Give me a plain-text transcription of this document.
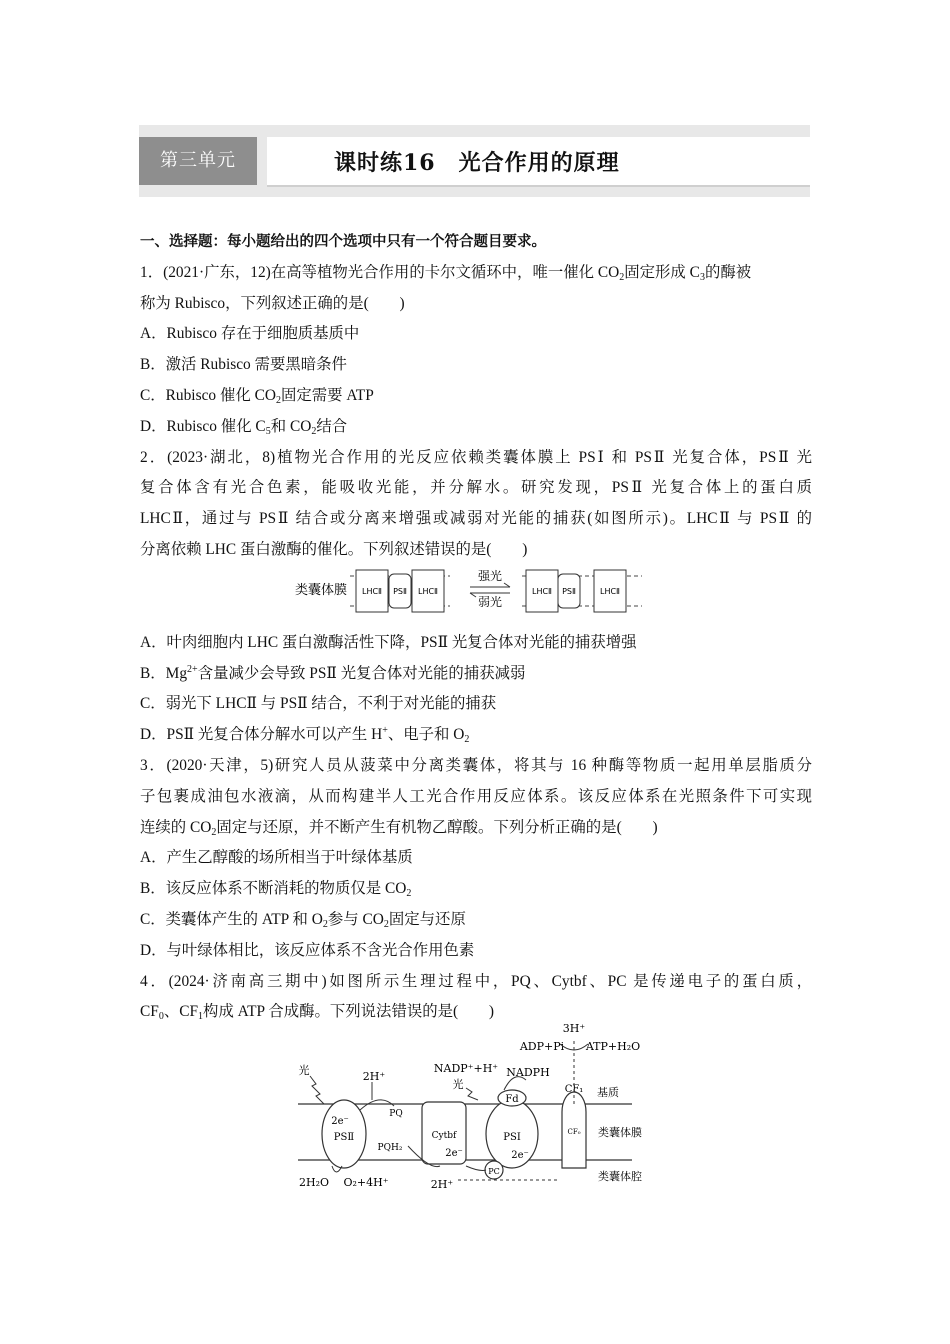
第三单元	课时练16　光合作用的原理
一、选择题：每小题给出的四个选项中只有一个符合题目要求。
1．(2021·广东，12)在高等植物光合作用的卡尔文循环中，唯一催化 $CO_2$固定形成 $C_3$的酶被
称为 Rubisco，下列叙述正确的是(　　)
A．Rubisco 存在于细胞质基质中
B．激活 Rubisco 需要黑暗条件
C．Rubisco 催化 $CO_2$固定需要 ATP
D．Rubisco 催化 $C_5$和 $CO_2$结合
2．(2023·湖北，8)植物光合作用的光反应依赖类囊体膜上 PSⅠ 和 PSⅡ 光复合体，PSⅡ 光
复合体含有光合色素，能吸收光能，并分解水。研究发现，PSⅡ 光复合体上的蛋白质
LHCⅡ，通过与 PSⅡ 结合或分离来增强或减弱对光能的捕获(如图所示)。LHCⅡ 与 PSⅡ 的
分离依赖 LHC 蛋白激酶的催化。下列叙述错误的是(　　)
A．叶肉细胞内 LHC 蛋白激酶活性下降，PSⅡ 光复合体对光能的捕获增强
B．$Mg^{2+}$含量减少会导致 PSⅡ 光复合体对光能的捕获减弱
C．弱光下 LHCⅡ 与 PSⅡ 结合，不利于对光能的捕获
D．PSⅡ 光复合体分解水可以产生 H+、电子和 $O_2$
3．(2020·天津，5)研究人员从菠菜中分离类囊体，将其与 16 种酶等物质一起用单层脂质分
子包裹成油包水液滴，从而构建半人工光合作用反应体系。该反应体系在光照条件下可实现
连续的 $CO_2$固定与还原，并不断产生有机物乙醇酸。下列分析正确的是(　　)
A．产生乙醇酸的场所相当于叶绿体基质
B．该反应体系不断消耗的物质仅是 $CO_2$
C．类囊体产生的 ATP 和 $O_2$参与 $CO_2$固定与还原
D．与叶绿体相比，该反应体系不含光合作用色素
4．(2024·济南高三期中)如图所示生理过程中，PQ、Cytbf、PC 是传递电子的蛋白质，
$CF_0$、$CF_1$构成 ATP 合成酶。下列说法错误的是(　　)
类囊体膜 LHCⅡ PSⅡ LHCⅡ	LHCⅡ PSⅡ	LHCⅡ
强光
弱光
3H⁺
ADP+Pi ATP+H₂O
NADP⁺+H⁺ NADPH
光
光
2H⁺
PQ
PQH₂
2e⁻
PSⅡ	Cytbf
2e⁻
Fd
PSⅠ
2e⁻
PC
CF₁
CF₀
基质
类囊体膜
类囊体腔
2H₂O O₂+4H⁺	2H⁺
